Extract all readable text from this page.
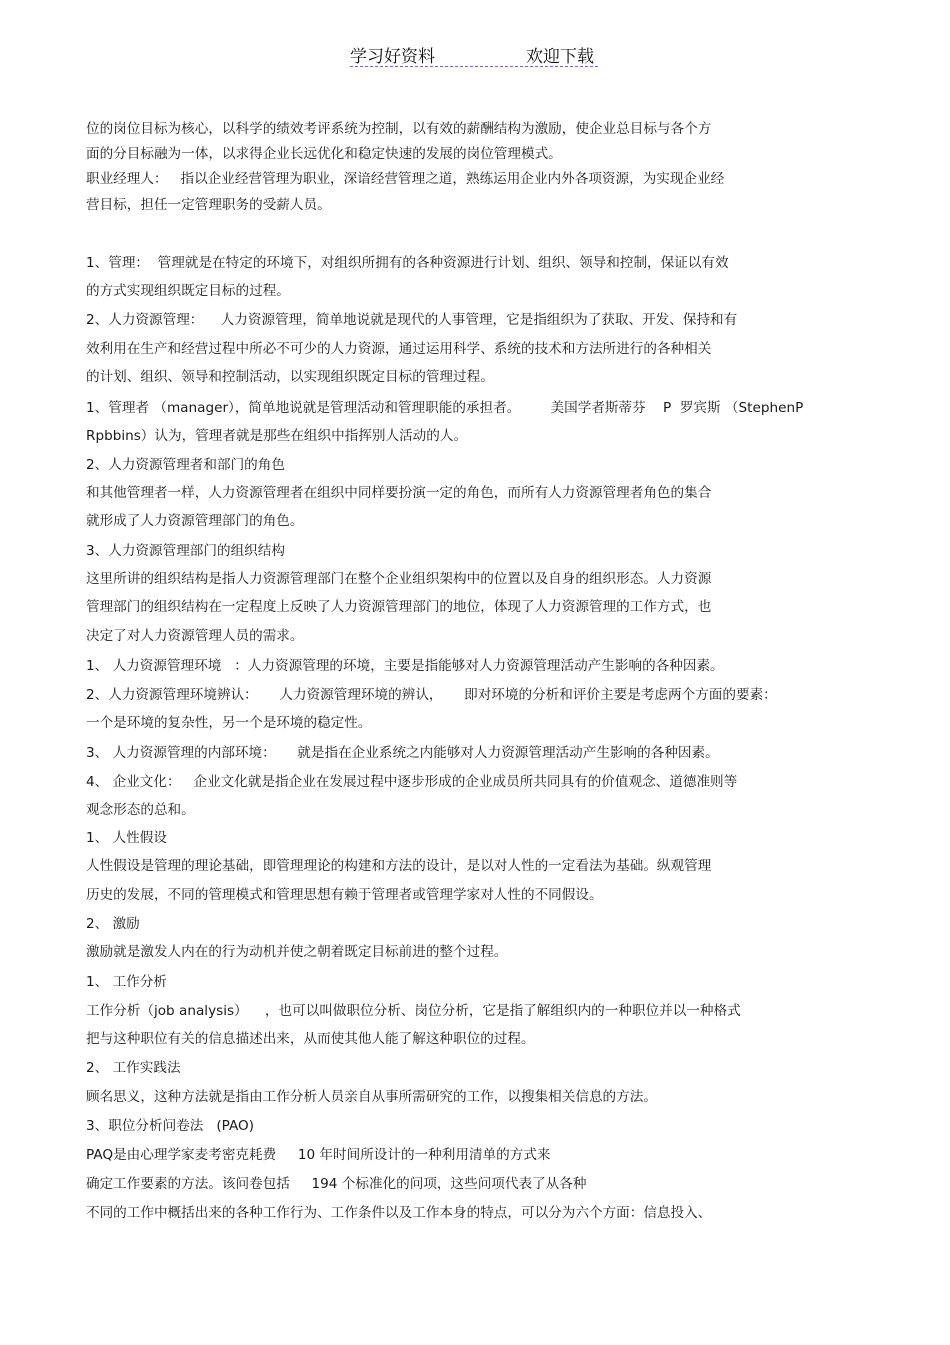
学习好资料	欢迎下载
位的岗位目标为核心，以科学的绩效考评系统为控制，以有效的薪酬结构为激励，使企业总目标与各个方
面的分目标融为一体，以求得企业长远优化和稳定快速的发展的岗位管理模式。
职业经理人：   指以企业经营管理为职业，深谙经营管理之道，熟练运用企业内外各项资源，为实现企业经
营目标，担任一定管理职务的受薪人员。
1、管理：  管理就是在特定的环境下，对组织所拥有的各种资源进行计划、组织、领导和控制，保证以有效
的方式实现组织既定目标的过程。
2、人力资源管理：    人力资源管理，简单地说就是现代的人事管理，它是指组织为了获取、开发、保持和有
效利用在生产和经营过程中所必不可少的人力资源，通过运用科学、系统的技术和方法所进行的各种相关
的计划、组织、领导和控制活动，以实现组织既定目标的管理过程。
1、管理者 （manager），简单地说就是管理活动和管理职能的承担者。       美国学者斯蒂芬    P  罗宾斯 （StephenP
Rpbbins）认为，管理者就是那些在组织中指挥别人活动的人。
2、人力资源管理者和部门的角色
和其他管理者一样，人力资源管理者在组织中同样要扮演一定的角色，而所有人力资源管理者角色的集合
就形成了人力资源管理部门的角色。
3、人力资源管理部门的组织结构
这里所讲的组织结构是指人力资源管理部门在整个企业组织架构中的位置以及自身的组织形态。人力资源
管理部门的组织结构在一定程度上反映了人力资源管理部门的地位，体现了人力资源管理的工作方式，也
决定了对人力资源管理人员的需求。
1、 人力资源管理环境   ：人力资源管理的环境，主要是指能够对人力资源管理活动产生影响的各种因素。
2、人力资源管理环境辨认：     人力资源管理环境的辨认，     即对环境的分析和评价主要是考虑两个方面的要素：
一个是环境的复杂性，另一个是环境的稳定性。
3、 人力资源管理的内部环境：     就是指在企业系统之内能够对人力资源管理活动产生影响的各种因素。
4、 企业文化：   企业文化就是指企业在发展过程中逐步形成的企业成员所共同具有的价值观念、道德准则等
观念形态的总和。
1、 人性假设
人性假设是管理的理论基础，即管理理论的构建和方法的设计，是以对人性的一定看法为基础。纵观管理
历史的发展，不同的管理模式和管理思想有赖于管理者或管理学家对人性的不同假设。
2、 激励
激励就是激发人内在的行为动机并使之朝着既定目标前进的整个过程。
1、 工作分析
工作分析（job analysis）    ，也可以叫做职位分析、岗位分析，它是指了解组织内的一种职位并以一种格式
把与这种职位有关的信息描述出来，从而使其他人能了解这种职位的过程。
2、 工作实践法
顾名思义，这种方法就是指由工作分析人员亲自从事所需研究的工作，以搜集相关信息的方法。
3、职位分析问卷法   (PAO)
PAQ是由心理学家麦考密克耗费     10 年时间所设计的一种利用清单的方式来
确定工作要素的方法。该问卷包括     194 个标准化的问项，这些问项代表了从各种
不同的工作中概括出来的各种工作行为、工作条件以及工作本身的特点，可以分为六个方面：信息投入、
